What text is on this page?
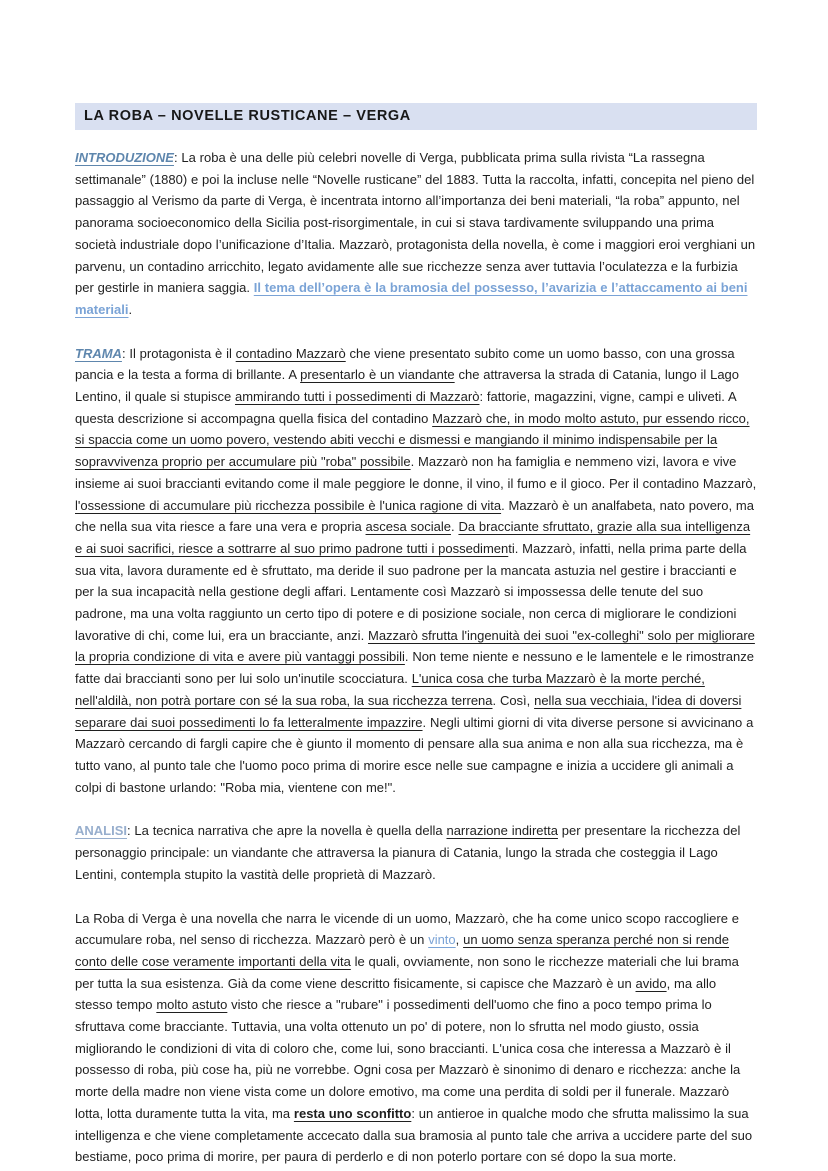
LA ROBA – NOVELLE RUSTICANE – VERGA

INTRODUZIONE: La roba è una delle più celebri novelle di Verga, pubblicata prima sulla rivista “La rassegna settimanale” (1880) e poi la incluse nelle “Novelle rusticane” del 1883. Tutta la raccolta, infatti, concepita nel pieno del passaggio al Verismo da parte di Verga, è incentrata intorno all’importanza dei beni materiali, “la roba” appunto, nel panorama socioeconomico della Sicilia post-risorgimentale, in cui si stava tardivamente sviluppando una prima società industriale dopo l’unificazione d’Italia. Mazzarò, protagonista della novella, è come i maggiori eroi verghiani un parvenu, un contadino arricchito, legato avidamente alle sue ricchezze senza aver tuttavia l’oculatezza e la furbizia per gestirle in maniera saggia. Il tema dell’opera è la bramosia del possesso, l’avarizia e l’attaccamento ai beni materiali.

TRAMA: Il protagonista è il contadino Mazzarò che viene presentato subito come un uomo basso, con una grossa pancia e la testa a forma di brillante. A presentarlo è un viandante che attraversa la strada di Catania, lungo il Lago Lentino, il quale si stupisce ammirando tutti i possedimenti di Mazzarò: fattorie, magazzini, vigne, campi e uliveti. A questa descrizione si accompagna quella fisica del contadino Mazzarò che, in modo molto astuto, pur essendo ricco, si spaccia come un uomo povero, vestendo abiti vecchi e dismessi e mangiando il minimo indispensabile per la sopravvivenza proprio per accumulare più "roba" possibile. Mazzarò non ha famiglia e nemmeno vizi, lavora e vive insieme ai suoi braccianti evitando come il male peggiore le donne, il vino, il fumo e il gioco. Per il contadino Mazzarò, l'ossessione di accumulare più ricchezza possibile è l'unica ragione di vita. Mazzarò è un analfabeta, nato povero, ma che nella sua vita riesce a fare una vera e propria ascesa sociale. Da bracciante sfruttato, grazie alla sua intelligenza e ai suoi sacrifici, riesce a sottrarre al suo primo padrone tutti i possedimenti. Mazzarò, infatti, nella prima parte della sua vita, lavora duramente ed è sfruttato, ma deride il suo padrone per la mancata astuzia nel gestire i braccianti e per la sua incapacità nella gestione degli affari. Lentamente così Mazzarò si impossessa delle tenute del suo padrone, ma una volta raggiunto un certo tipo di potere e di posizione sociale, non cerca di migliorare le condizioni lavorative di chi, come lui, era un bracciante, anzi. Mazzarò sfrutta l'ingenuità dei suoi "ex-colleghi" solo per migliorare la propria condizione di vita e avere più vantaggi possibili. Non teme niente e nessuno e le lamentele e le rimostranze fatte dai braccianti sono per lui solo un'inutile scocciatura. L'unica cosa che turba Mazzarò è la morte perché, nell'aldilà, non potrà portare con sé la sua roba, la sua ricchezza terrena. Così, nella sua vecchiaia, l'idea di doversi separare dai suoi possedimenti lo fa letteralmente impazzire. Negli ultimi giorni di vita diverse persone si avvicinano a Mazzarò cercando di fargli capire che è giunto il momento di pensare alla sua anima e non alla sua ricchezza, ma è tutto vano, al punto tale che l'uomo poco prima di morire esce nelle sue campagne e inizia a uccidere gli animali a colpi di bastone urlando: "Roba mia, vientene con me!".

ANALISI: La tecnica narrativa che apre la novella è quella della narrazione indiretta per presentare la ricchezza del personaggio principale: un viandante che attraversa la pianura di Catania, lungo la strada che costeggia il Lago Lentini, contempla stupito la vastità delle proprietà di Mazzarò.

La Roba di Verga è una novella che narra le vicende di un uomo, Mazzarò, che ha come unico scopo raccogliere e accumulare roba, nel senso di ricchezza. Mazzarò però è un vinto, un uomo senza speranza perché non si rende conto delle cose veramente importanti della vita le quali, ovviamente, non sono le ricchezze materiali che lui brama per tutta la sua esistenza. Già da come viene descritto fisicamente, si capisce che Mazzarò è un avido, ma allo stesso tempo molto astuto visto che riesce a "rubare" i possedimenti dell'uomo che fino a poco tempo prima lo sfruttava come bracciante. Tuttavia, una volta ottenuto un po' di potere, non lo sfrutta nel modo giusto, ossia migliorando le condizioni di vita di coloro che, come lui, sono braccianti. L'unica cosa che interessa a Mazzarò è il possesso di roba, più cose ha, più ne vorrebbe. Ogni cosa per Mazzarò è sinonimo di denaro e ricchezza: anche la morte della madre non viene vista come un dolore emotivo, ma come una perdita di soldi per il funerale. Mazzarò lotta, lotta duramente tutta la vita, ma resta uno sconfitto: un antieroe in qualche modo che sfrutta malissimo la sua intelligenza e che viene completamente accecato dalla sua bramosia al punto tale che arriva a uccidere parte del suo bestiame, poco prima di morire, per paura di perderlo e di non poterlo portare con sé dopo la sua morte.
